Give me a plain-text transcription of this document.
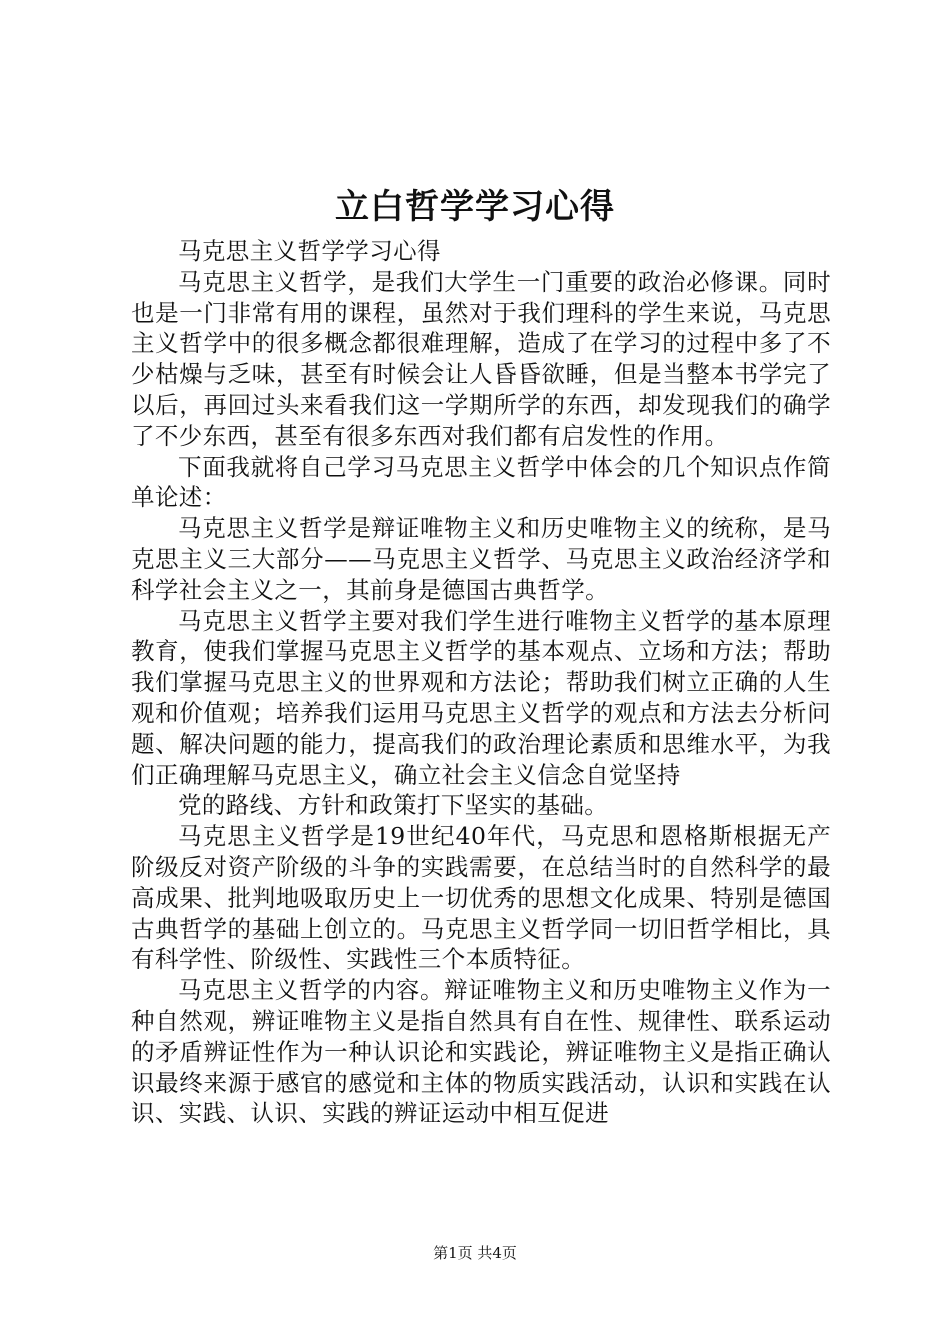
立白哲学学习心得

马克思主义哲学学习心得

马克思主义哲学，是我们大学生一门重要的政治必修课。同时也是一门非常有用的课程，虽然对于我们理科的学生来说，马克思主义哲学中的很多概念都很难理解，造成了在学习的过程中多了不少枯燥与乏味，甚至有时候会让人昏昏欲睡，但是当整本书学完了以后，再回过头来看我们这一学期所学的东西，却发现我们的确学了不少东西，甚至有很多东西对我们都有启发性的作用。

下面我就将自己学习马克思主义哲学中体会的几个知识点作简单论述：

马克思主义哲学是辩证唯物主义和历史唯物主义的统称，是马克思主义三大部分——马克思主义哲学、马克思主义政治经济学和科学社会主义之一，其前身是德国古典哲学。

马克思主义哲学主要对我们学生进行唯物主义哲学的基本原理教育，使我们掌握马克思主义哲学的基本观点、立场和方法；帮助我们掌握马克思主义的世界观和方法论；帮助我们树立正确的人生观和价值观；培养我们运用马克思主义哲学的观点和方法去分析问题、解决问题的能力，提高我们的政治理论素质和思维水平，为我们正确理解马克思主义，确立社会主义信念自觉坚持

党的路线、方针和政策打下坚实的基础。

马克思主义哲学是19世纪40年代，马克思和恩格斯根据无产阶级反对资产阶级的斗争的实践需要，在总结当时的自然科学的最高成果、批判地吸取历史上一切优秀的思想文化成果、特别是德国古典哲学的基础上创立的。马克思主义哲学同一切旧哲学相比，具有科学性、阶级性、实践性三个本质特征。

马克思主义哲学的内容。辩证唯物主义和历史唯物主义作为一种自然观，辨证唯物主义是指自然具有自在性、规律性、联系运动的矛盾辨证性作为一种认识论和实践论，辨证唯物主义是指正确认识最终来源于感官的感觉和主体的物质实践活动，认识和实践在认识、实践、认识、实践的辨证运动中相互促进

第1页 共4页
